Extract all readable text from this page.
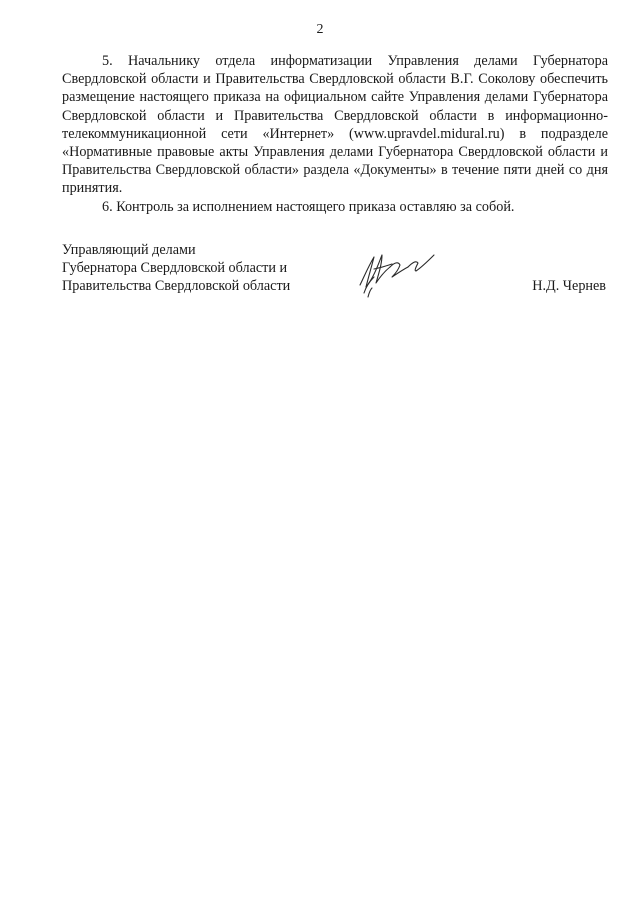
2

5. Начальнику отдела информатизации Управления делами Губернатора Свердловской области и Правительства Свердловской области В.Г. Соколову обеспечить размещение настоящего приказа на официальном сайте Управления делами Губернатора Свердловской области и Правительства Свердловской области в информационно-телекоммуникационной сети «Интернет» (www.upravdel.midural.ru) в подразделе «Нормативные правовые акты Управления делами Губернатора Свердловской области и Правительства Свердловской области» раздела «Документы» в течение пяти дней со дня принятия.

6. Контроль за исполнением настоящего приказа оставляю за собой.

Управляющий делами
Губернатора Свердловской области и
Правительства Свердловской области	Н.Д. Чернев
